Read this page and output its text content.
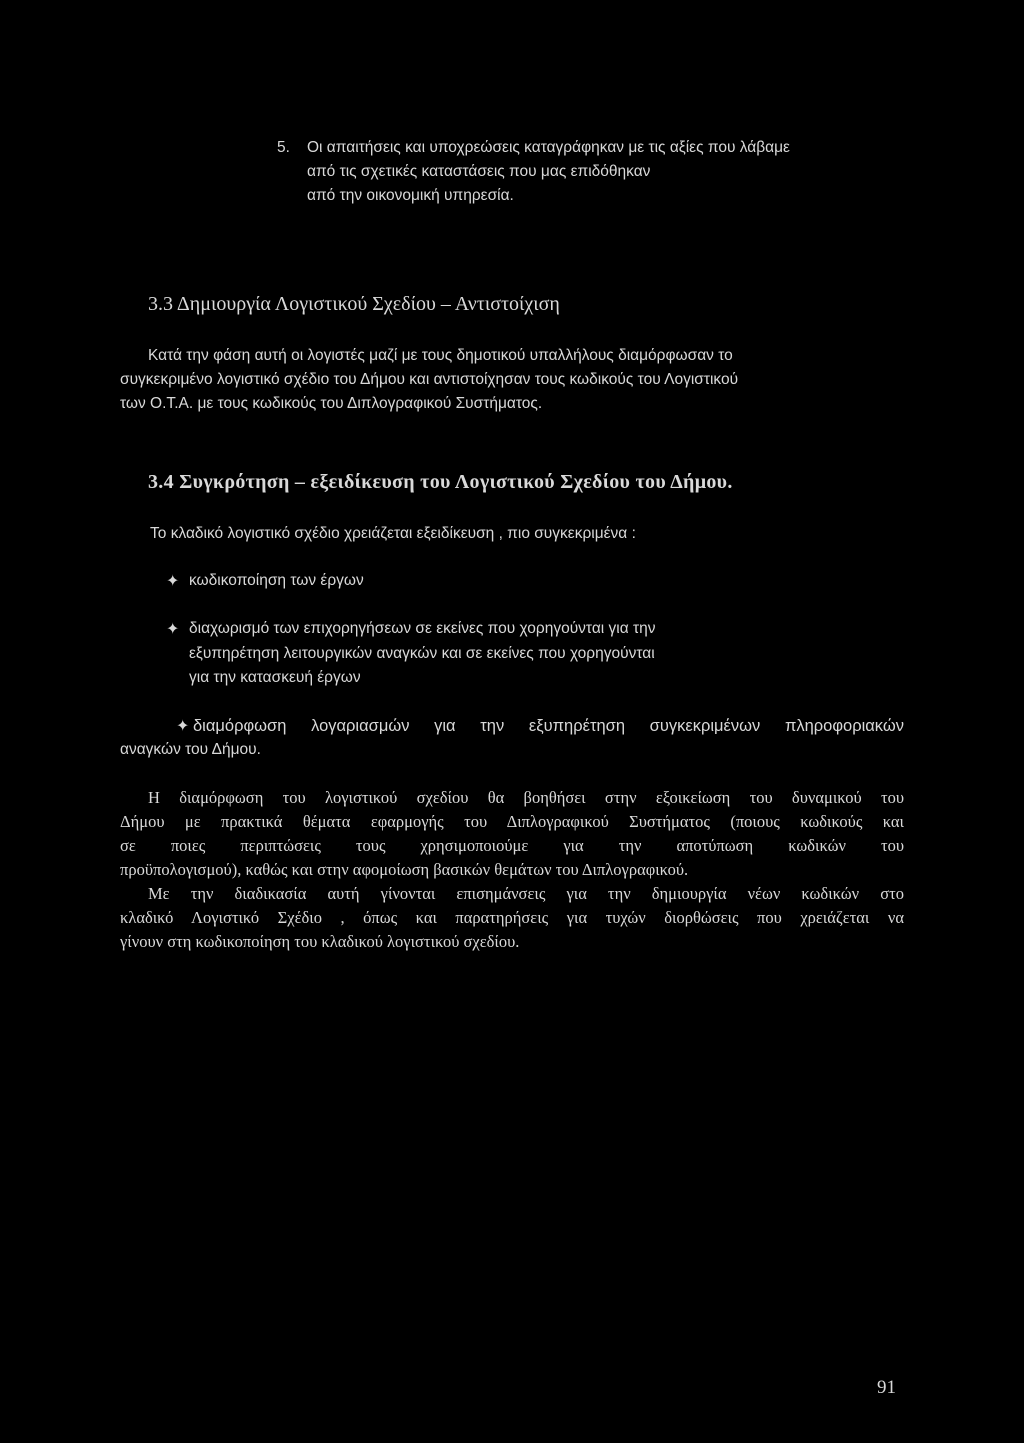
5. Οι απαιτήσεις και υποχρεώσεις καταγράφηκαν με τις αξίες που λάβαμε
από τις σχετικές καταστάσεις που μας επιδόθηκαν
από την οικονομική υπηρεσία.
3.3 Δημιουργία Λογιστικού Σχεδίου – Αντιστοίχιση
Κατά την φάση αυτή οι λογιστές μαζί με τους δημοτικού υπαλλήλους διαμόρφωσαν το
συγκεκριμένο λογιστικό σχέδιο του Δήμου και αντιστοίχησαν τους κωδικούς του Λογιστικού
των Ο.Τ.Α. με τους κωδικούς του Διπλογραφικού Συστήματος.
3.4 Συγκρότηση – εξειδίκευση του Λογιστικού Σχεδίου του Δήμου.
Το κλαδικό λογιστικό σχέδιο χρειάζεται εξειδίκευση , πιο συγκεκριμένα :
✦ κωδικοποίηση των έργων
✦ διαχωρισμό των επιχορηγήσεων σε εκείνες που χορηγούνται για την
εξυπηρέτηση λειτουργικών αναγκών και σε εκείνες που χορηγούνται
για την κατασκευή έργων
✦ διαμόρφωση λογαριασμών για την εξυπηρέτηση συγκεκριμένων πληροφοριακών
αναγκών του Δήμου.
Η διαμόρφωση του λογιστικού σχεδίου θα βοηθήσει στην εξοικείωση του δυναμικού του
Δήμου με πρακτικά θέματα εφαρμογής του Διπλογραφικού Συστήματος (ποιους κωδικούς και
σε ποιες περιπτώσεις τους χρησιμοποιούμε για την αποτύπωση κωδικών του
προϋπολογισμού), καθώς και στην αφομοίωση βασικών θεμάτων του Διπλογραφικού.
Με την διαδικασία αυτή γίνονται επισημάνσεις για την δημιουργία νέων κωδικών στο
κλαδικό Λογιστικό Σχέδιο , όπως και παρατηρήσεις για τυχών διορθώσεις που χρειάζεται να
γίνουν στη κωδικοποίηση του κλαδικού λογιστικού σχεδίου.
91
